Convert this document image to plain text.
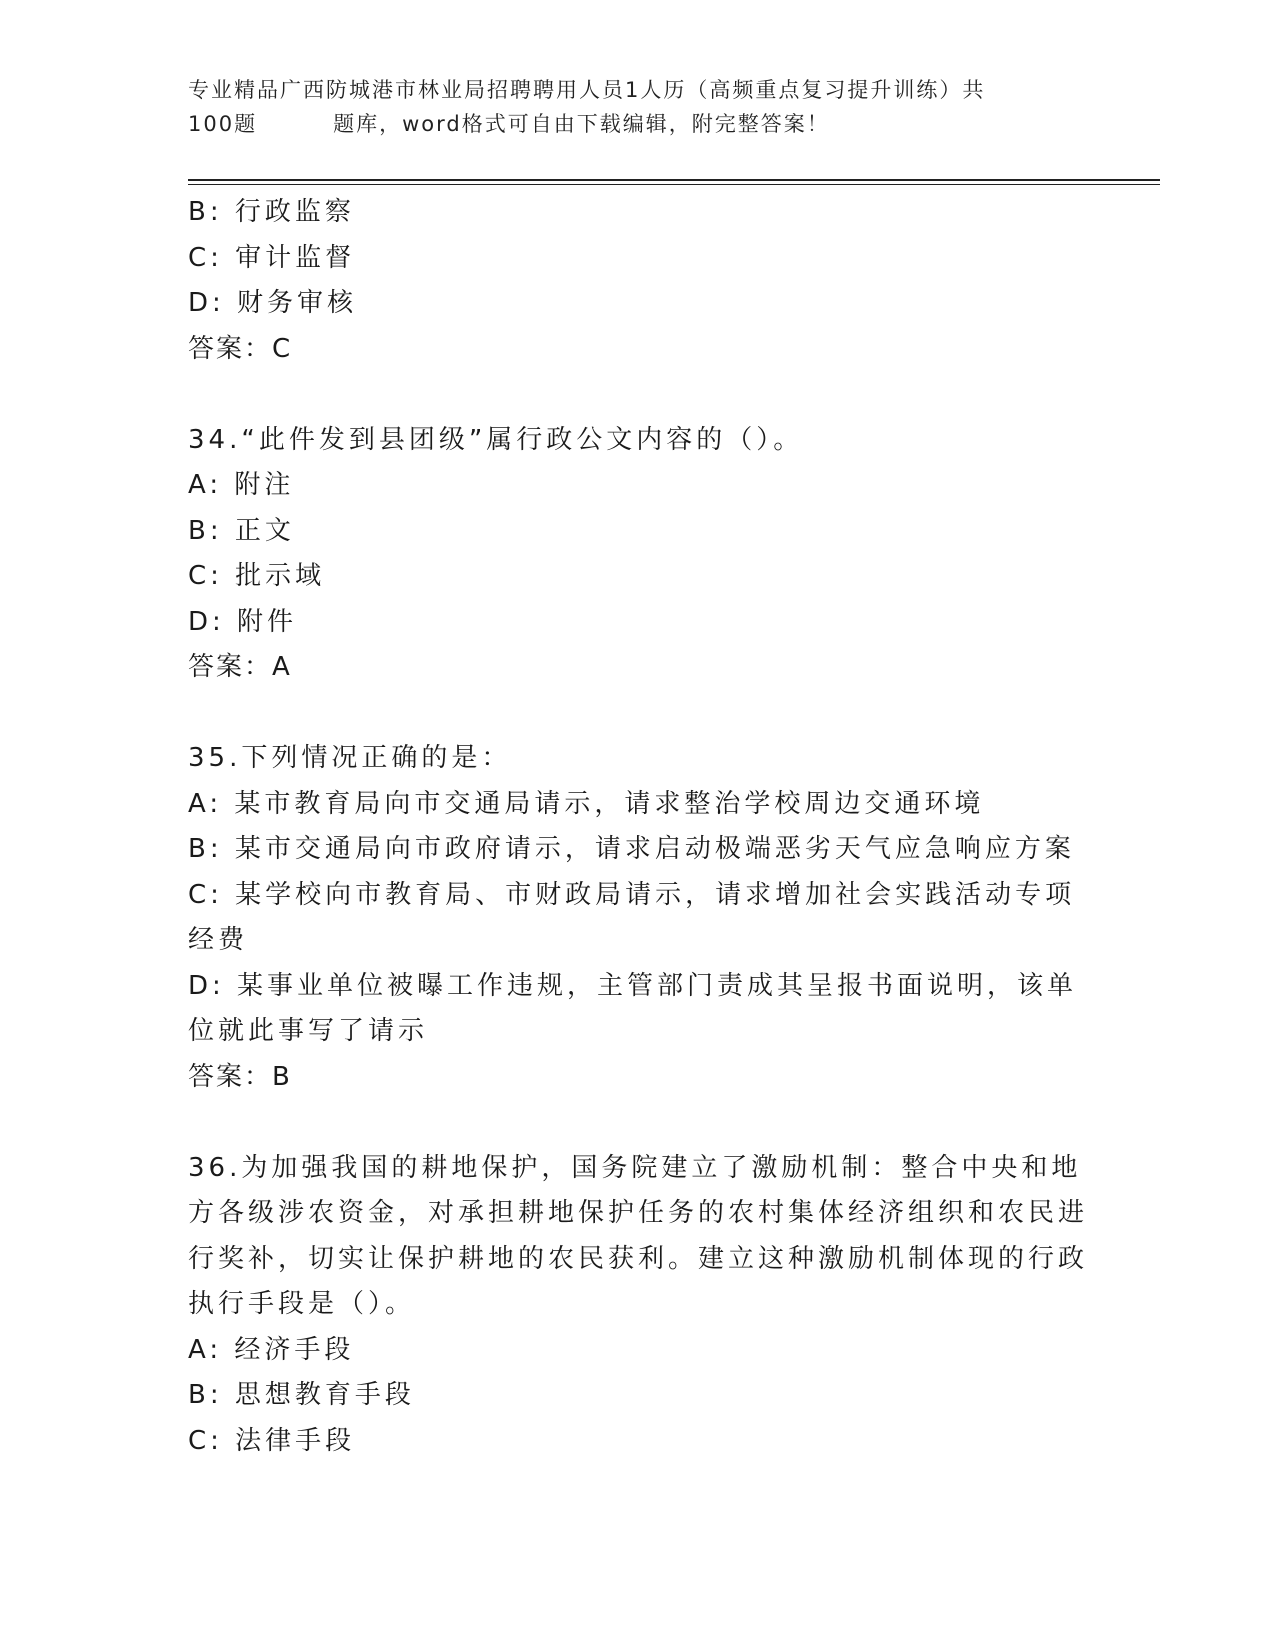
专业精品广西防城港市林业局招聘聘用人员1人历（高频重点复习提升训练）共
100题	题库，word格式可自由下载编辑，附完整答案！
B: 行政监察
C: 审计监督
D: 财务审核
答案：C
34.“此件发到县团级”属行政公文内容的（）。
A: 附注
B: 正文
C: 批示域
D: 附件
答案：A
35.下列情况正确的是：
A: 某市教育局向市交通局请示，请求整治学校周边交通环境
B: 某市交通局向市政府请示，请求启动极端恶劣天气应急响应方案
C: 某学校向市教育局、市财政局请示，请求增加社会实践活动专项经费
D: 某事业单位被曝工作违规，主管部门责成其呈报书面说明，该单位就此事写了请示
答案：B
36.为加强我国的耕地保护，国务院建立了激励机制：整合中央和地方各级涉农资金，对承担耕地保护任务的农村集体经济组织和农民进行奖补，切实让保护耕地的农民获利。建立这种激励机制体现的行政执行手段是（）。
A: 经济手段
B: 思想教育手段
C: 法律手段
